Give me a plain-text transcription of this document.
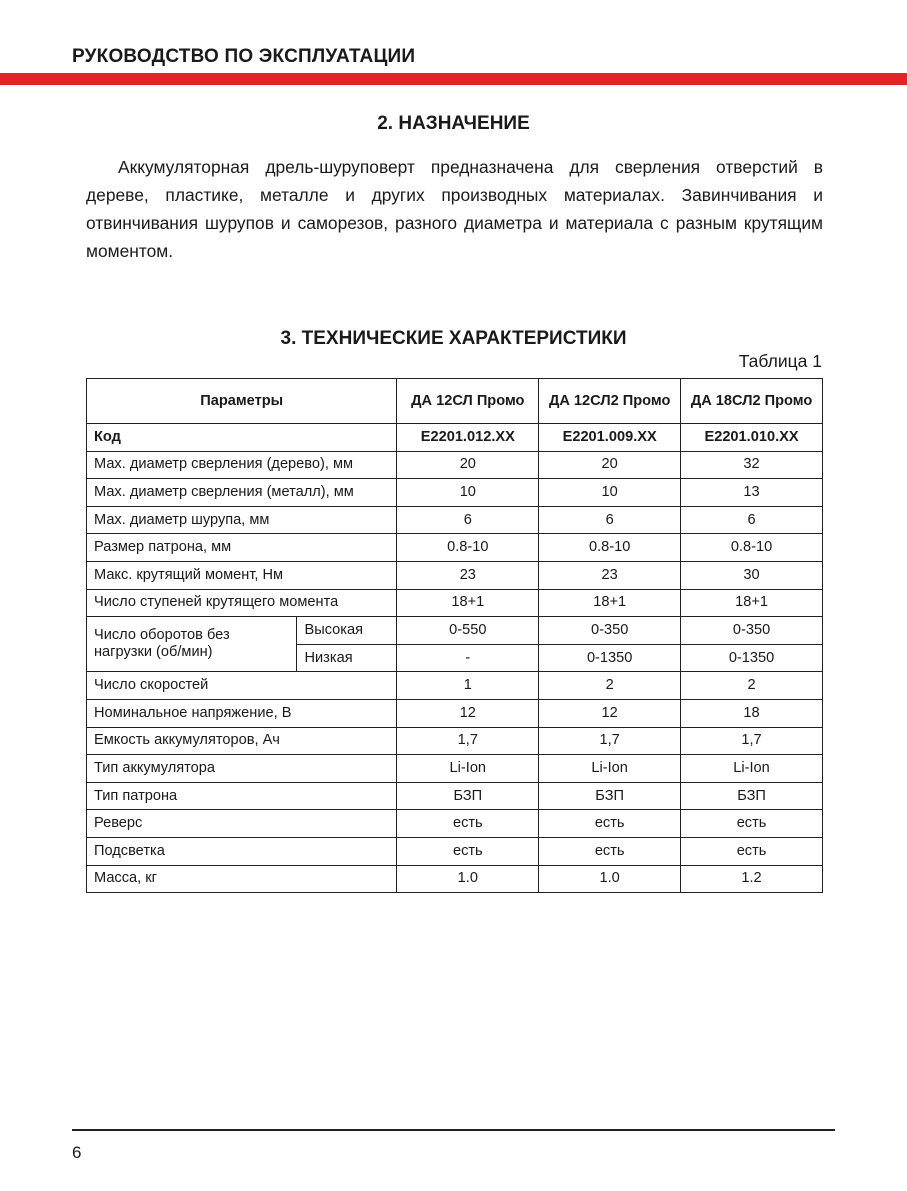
РУКОВОДСТВО ПО ЭКСПЛУАТАЦИИ
2. НАЗНАЧЕНИЕ

Аккумуляторная дрель-шуруповерт предназначена для сверления отверстий в дереве, пластике, металле и других производных материалах. Завинчивания и отвинчивания шурупов и саморезов, разного диаметра и материала с разным крутящим моментом.

3. ТЕХНИЧЕСКИЕ ХАРАКТЕРИСТИКИ
Таблица 1
Параметры		ДА 12СЛ Промо	ДА 12СЛ2 Промо	ДА 18СЛ2 Промо
Код		E2201.012.XX	E2201.009.XX	E2201.010.XX
Мах. диаметр сверления (дерево), мм		20	20	32
Мах. диаметр сверления (металл), мм		10	10	13
Мах. диаметр шурупа, мм		6	6	6
Размер патрона, мм		0.8-10	0.8-10	0.8-10
Макс. крутящий момент, Нм		23	23	30
Число ступеней крутящего момента		18+1	18+1	18+1
Число оборотов без нагрузки (об/мин)	Высокая	0-550	0-350	0-350
	Низкая	-	0-1350	0-1350
Число скоростей		1	2	2
Номинальное напряжение, В		12	12	18
Емкость аккумуляторов, Ач		1,7	1,7	1,7
Тип аккумулятора		Li-Ion	Li-Ion	Li-Ion
Тип патрона		БЗП	БЗП	БЗП
Реверс		есть	есть	есть
Подсветка		есть	есть	есть
Масса, кг		1.0	1.0	1.2
6
